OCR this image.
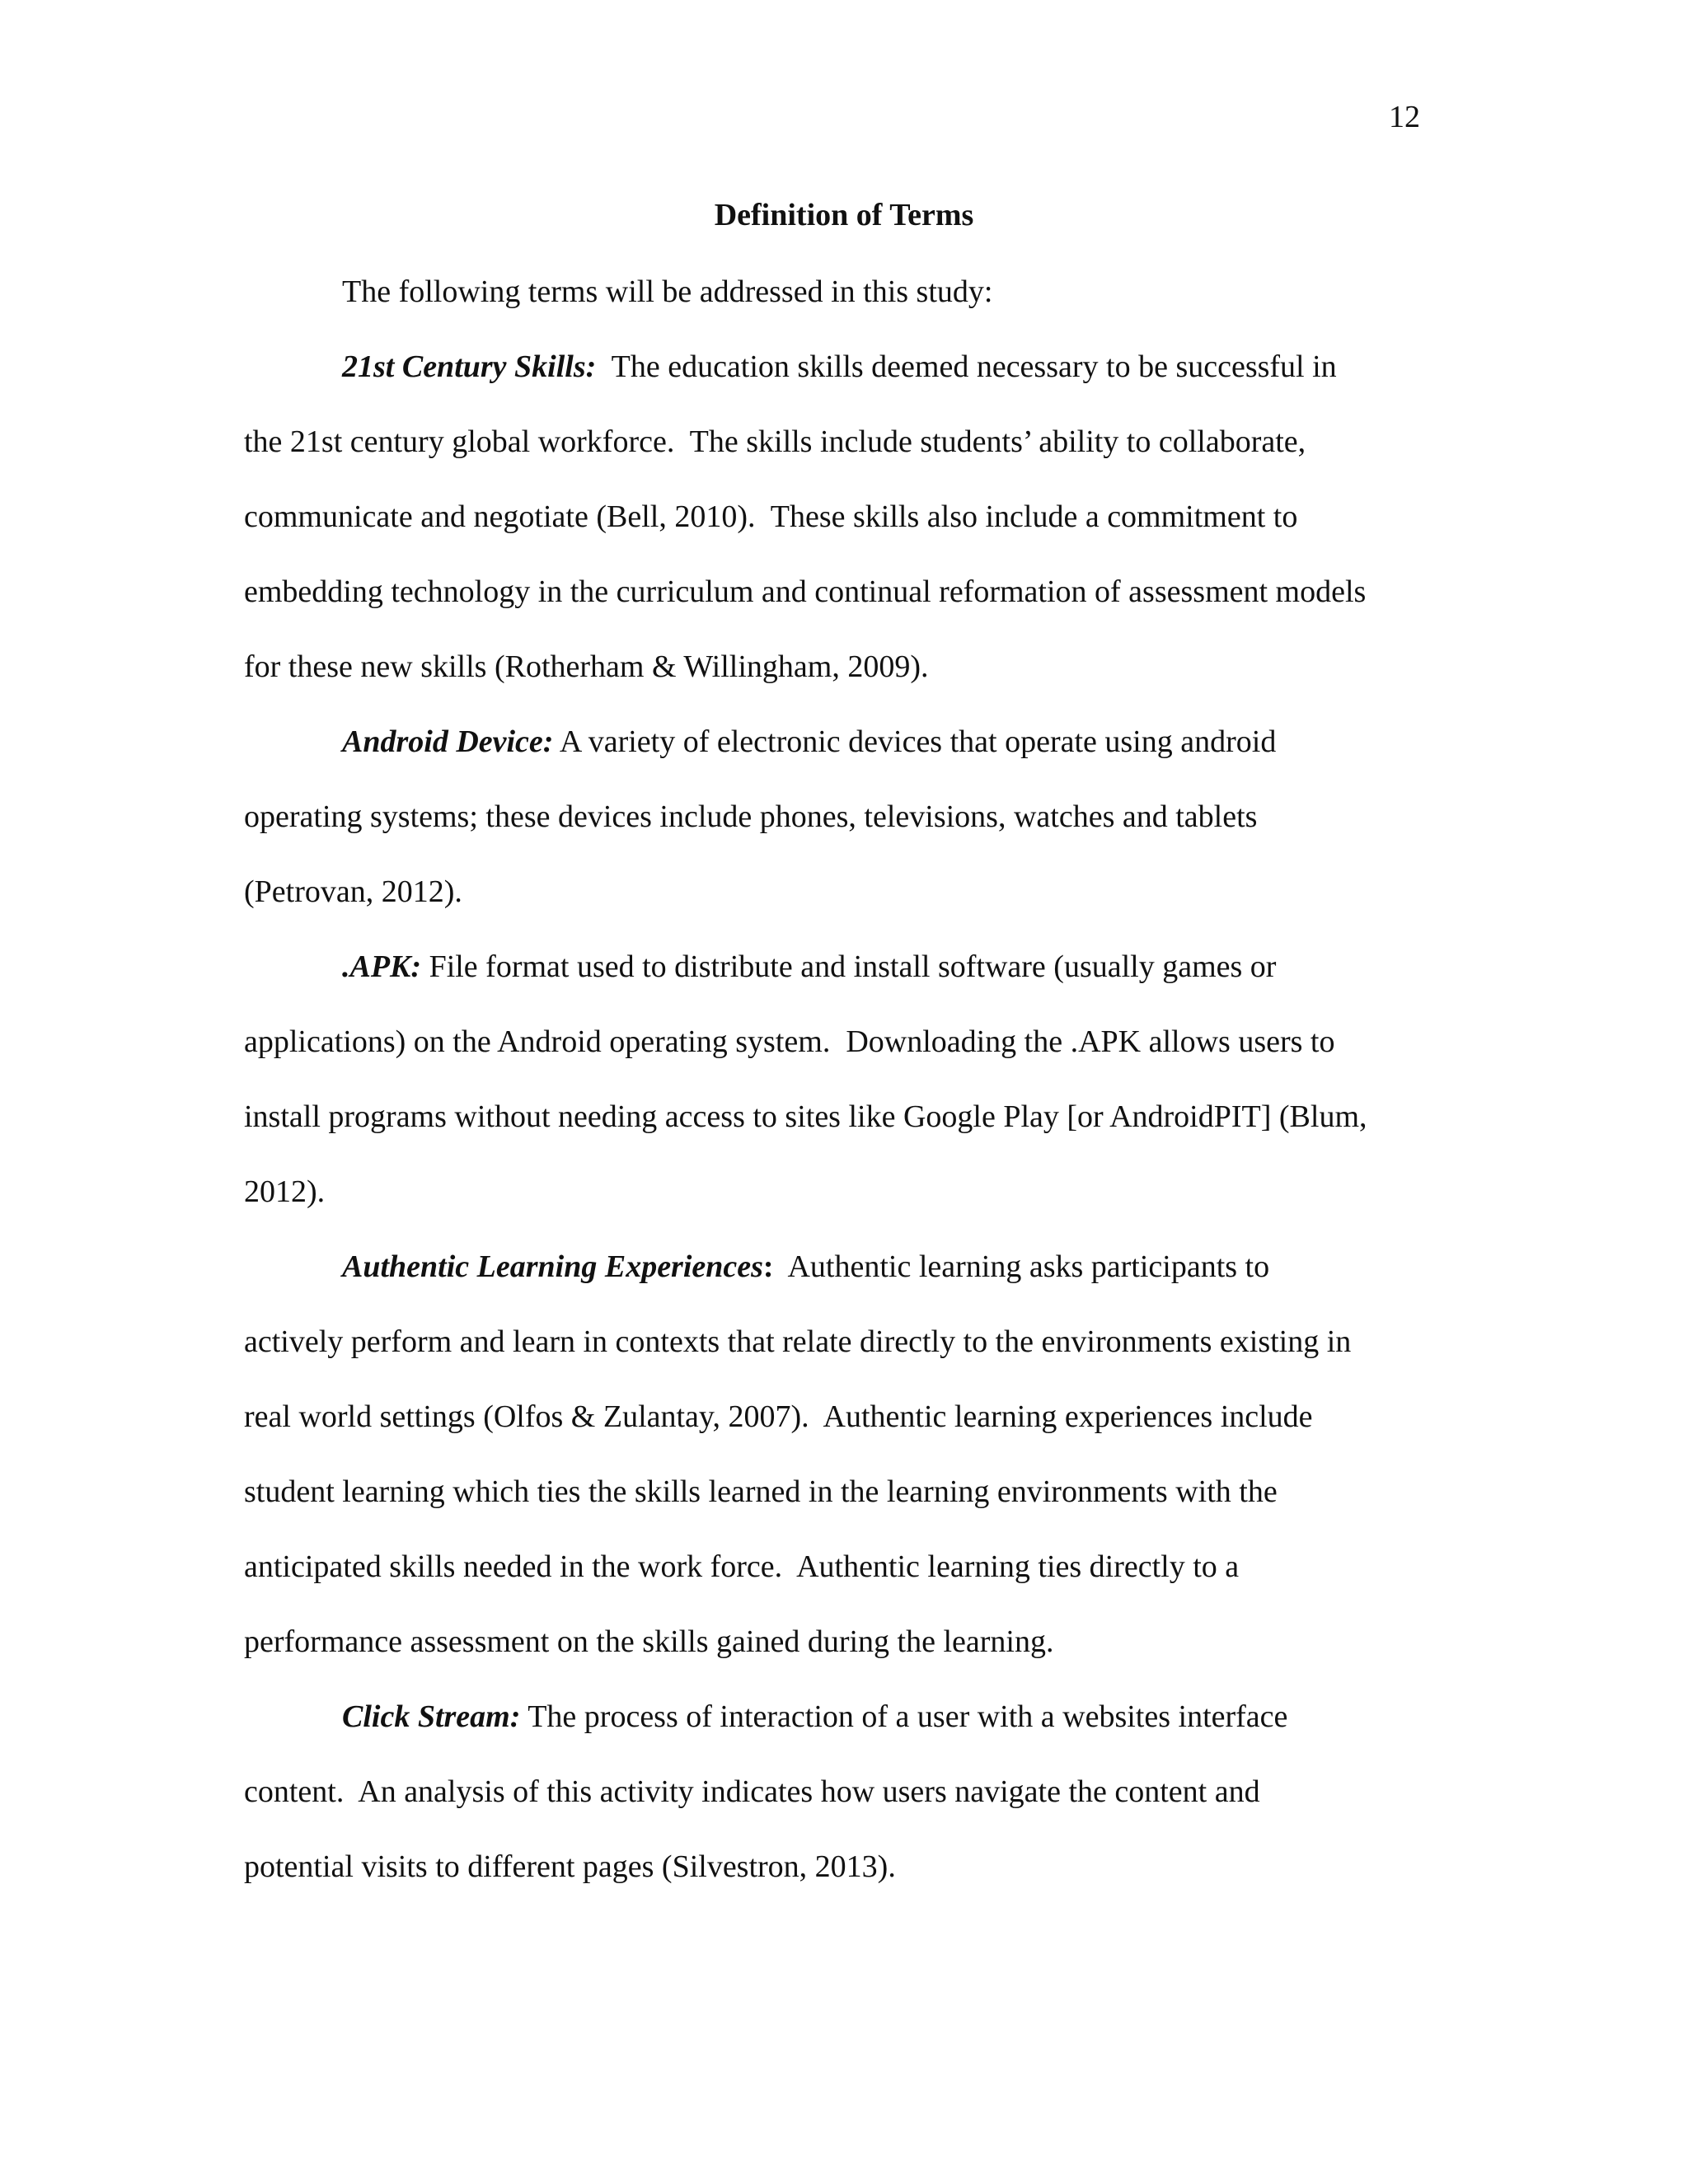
12

Definition of Terms

The following terms will be addressed in this study:

21st Century Skills: The education skills deemed necessary to be successful in

the 21st century global workforce.  The skills include students’ ability to collaborate,

communicate and negotiate (Bell, 2010).  These skills also include a commitment to

embedding technology in the curriculum and continual reformation of assessment models

for these new skills (Rotherham & Willingham, 2009).

Android Device: A variety of electronic devices that operate using android

operating systems; these devices include phones, televisions, watches and tablets

(Petrovan, 2012).

.APK: File format used to distribute and install software (usually games or

applications) on the Android operating system.  Downloading the .APK allows users to

install programs without needing access to sites like Google Play [or AndroidPIT] (Blum,

2012).

Authentic Learning Experiences: Authentic learning asks participants to

actively perform and learn in contexts that relate directly to the environments existing in

real world settings (Olfos & Zulantay, 2007).  Authentic learning experiences include

student learning which ties the skills learned in the learning environments with the

anticipated skills needed in the work force.  Authentic learning ties directly to a

performance assessment on the skills gained during the learning.

Click Stream: The process of interaction of a user with a websites interface

content.  An analysis of this activity indicates how users navigate the content and

potential visits to different pages (Silvestron, 2013).
